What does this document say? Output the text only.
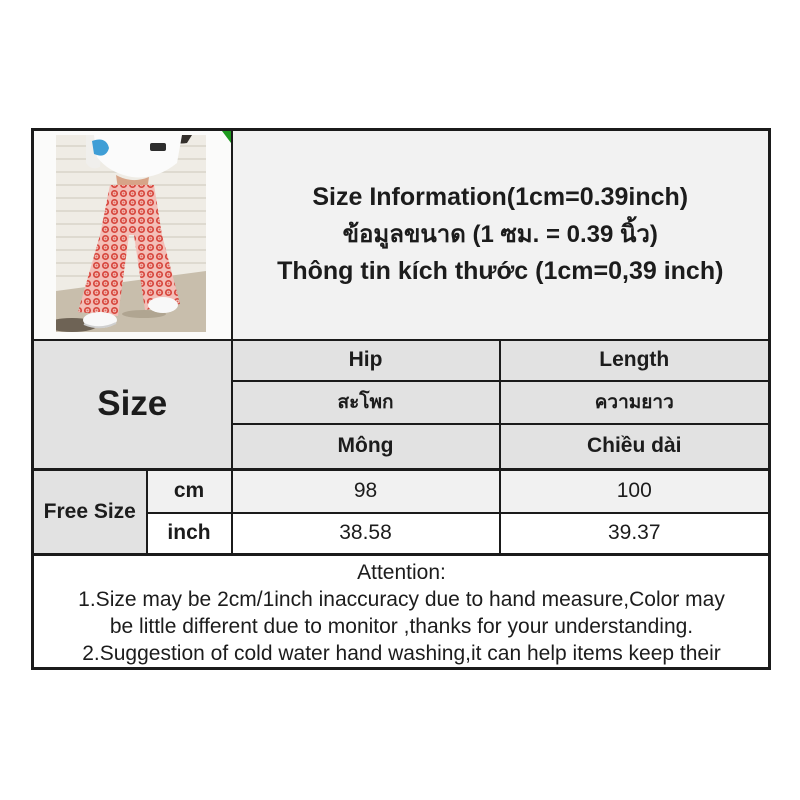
Size Information(1cm=0.39inch)
ข้อมูลขนาด (1 ซม. = 0.39 นิ้ว)
Thông tin kích thước (1cm=0,39 inch)	

Size		Hip	Length
		สะโพก	ความยาว
		Mông	Chiều dài
Free Size	cm	98	100
	inch	38.58	39.37

Attention:
1.Size may be 2cm/1inch inaccuracy due to hand measure,Color may
be little different due to monitor ,thanks for your understanding.
2.Suggestion of cold water hand washing,it can help items keep their			
